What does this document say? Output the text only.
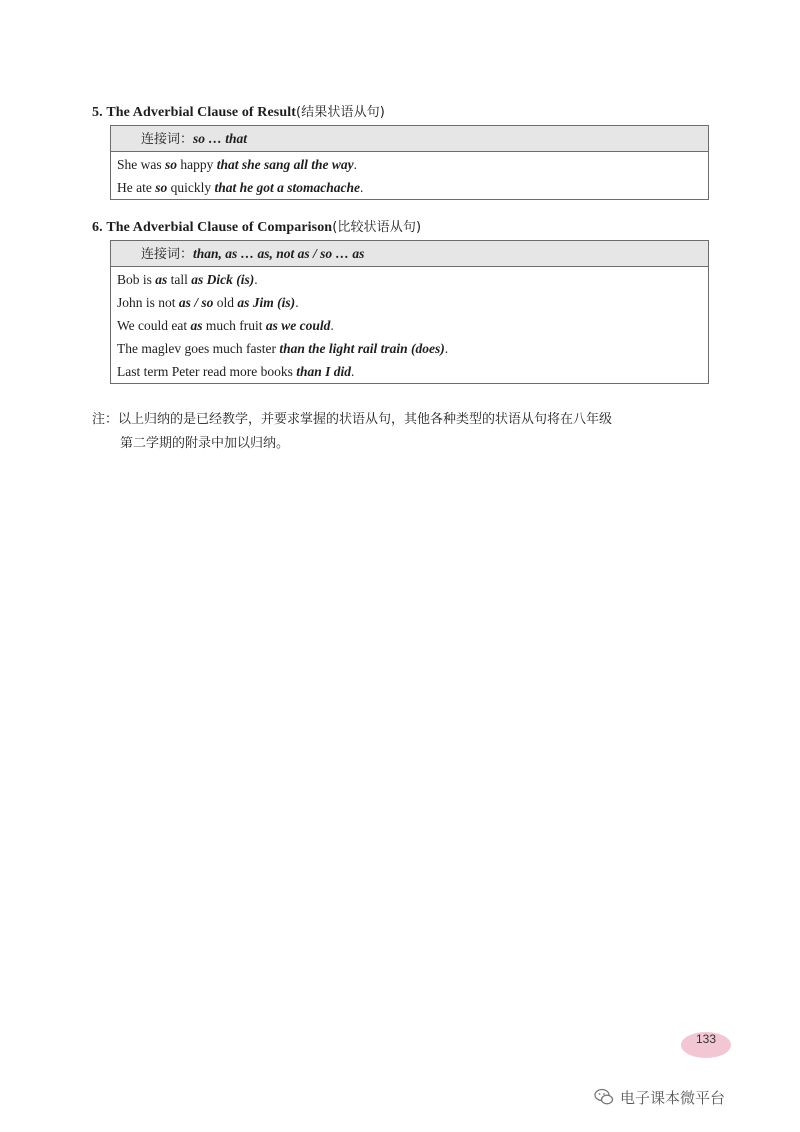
5. The Adverbial Clause of Result(结果状语从句)
连接词：so … that
She was so happy that she sang all the way.
He ate so quickly that he got a stomachache.
6. The Adverbial Clause of Comparison(比较状语从句)
连接词：than, as … as, not as / so … as
Bob is as tall as Dick (is).
John is not as / so old as Jim (is).
We could eat as much fruit as we could.
The maglev goes much faster than the light rail train (does).
Last term Peter read more books than I did.
注：以上归纳的是已经教学，并要求掌握的状语从句，其他各种类型的状语从句将在八年级
第二学期的附录中加以归纳。
133
电子课本微平台
